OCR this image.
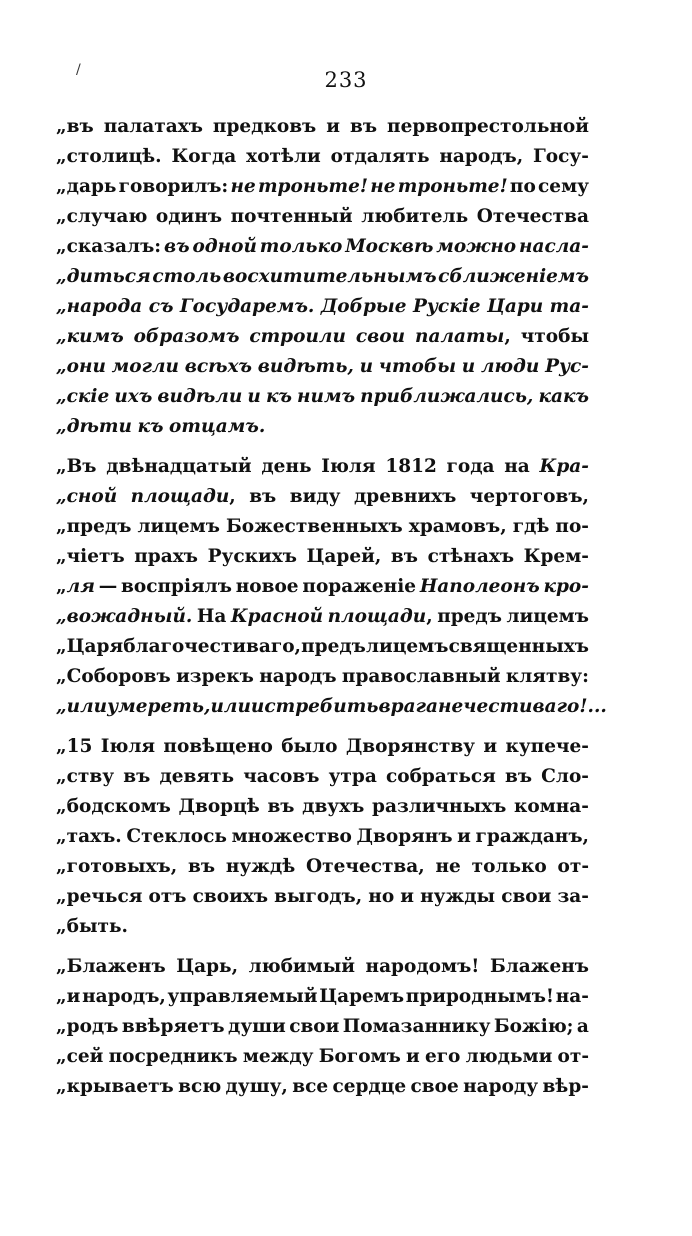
233
„въ палатахъ предковъ и въ первопрестольной
„столицѣ. Когда хотѣли отдалять народъ, Госу-
„дарь говорилъ: не троньте! не троньте! по сему
„случаю одинъ почтенный любитель Отечества
„сказалъ: въ одной только Москвѣ можно насла-
„диться столь восхитительнымъ сближеніемъ
„народа съ Государемъ. Добрые Рускіе Цари та-
„кимъ образомъ строили свои палаты, чтобы
„они могли всѣхъ видѣть, и чтобы и люди Рус-
„скіе ихъ видѣли и къ нимъ приближались, какъ
„дѣти къ отцамъ.
„Въ двѣнадцатый день Іюля 1812 года на Кра-
„сной площади, въ виду древнихъ чертоговъ,
„предъ лицемъ Божественныхъ храмовъ, гдѣ по-
„чіетъ прахъ Рускихъ Царей, въ стѣнахъ Крем-
„ля — воспріялъ новое пораженіе Наполеонъ кро-
„вожадный. На Красной площади, предъ лицемъ
„Царя благочестиваго, предъ лицемъ священныхъ
„Соборовъ изрекъ народъ православный клятву:
„или умереть, или истребить врага нечестиваго!...
„15 Іюля повѣщено было Дворянству и купече-
„ству въ девять часовъ утра собраться въ Сло-
„бодскомъ Дворцѣ въ двухъ различныхъ комна-
„тахъ. Стеклось множество Дворянъ и гражданъ,
„готовыхъ, въ нуждѣ Отечества, не только от-
„речься отъ своихъ выгодъ, но и нужды свои за-
„быть.
„Блаженъ Царь, любимый народомъ! Блаженъ
„и народъ, управляемый Царемъ природнымъ! на-
„родъ ввѣряетъ души свои Помазаннику Божію; а
„сей посредникъ между Богомъ и его людьми от-
„крываетъ всю душу, все сердце свое народу вѣр-
/
